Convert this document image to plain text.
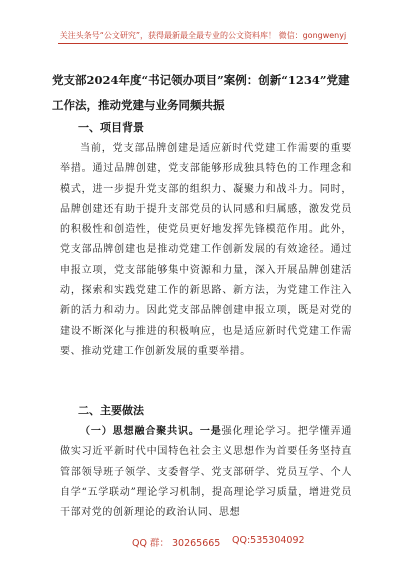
关注头条号“公文研究”，获得最新最全最专业的公文资料库！ 微信：gongwenyj
党支部2024年度“书记领办项目”案例：创新“1234”党建工作法，推动党建与业务同频共振
一、项目背景
当前，党支部品牌创建是适应新时代党建工作需要的重要举措。通过品牌创建，党支部能够形成独具特色的工作理念和模式，进一步提升党支部的组织力、凝聚力和战斗力。同时，品牌创建还有助于提升支部党员的认同感和归属感，激发党员的积极性和创造性，使党员更好地发挥先锋模范作用。此外，党支部品牌创建也是推动党建工作创新发展的有效途径。通过申报立项，党支部能够集中资源和力量，深入开展品牌创建活动，探索和实践党建工作的新思路、新方法，为党建工作注入新的活力和动力。因此党支部品牌创建申报立项，既是对党的建设不断深化与推进的积极响应，也是适应新时代党建工作需要、推动党建工作创新发展的重要举措。
二、主要做法
（一）思想融合聚共识。一是强化理论学习。把学懂弄通做实习近平新时代中国特色社会主义思想作为首要任务坚持直管部领导班子领学、支委督学、党支部研学、党员互学、个人自学“五学联动”理论学习机制，提高理论学习质量，增进党员干部对党的创新理论的政治认同、思想
QQ 群： 30265665 QQ:535304092
